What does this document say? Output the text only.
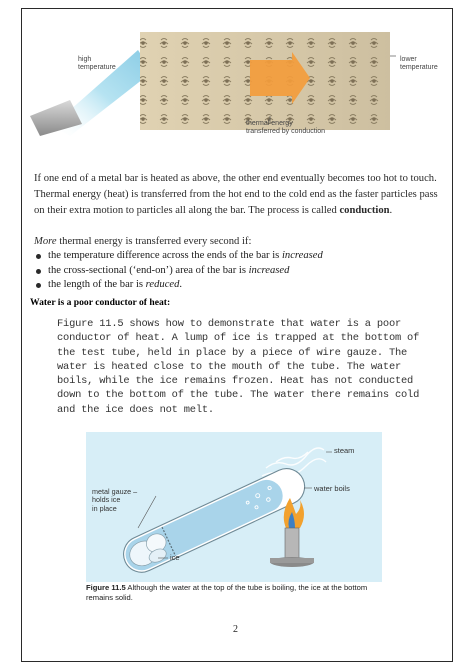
high
temperature
lower
temperature
thermal energy
transferred by conduction

If one end of a metal bar is heated as above, the other end eventually becomes too hot to touch. Thermal energy (heat) is transferred from the hot end to the cold end as the faster particles pass on their extra motion to particles all along the bar. The process is called conduction.

More thermal energy is transferred every second if:

the temperature difference across the ends of the bar is increased
the cross-sectional (‘end-on’) area of the bar is increased
the length of the bar is reduced.
Water is a poor conductor of heat:

Figure 11.5 shows how to demonstrate that water is a poor conductor of heat. A lump of ice is trapped at the bottom of the test tube, held in place by a piece of wire gauze. The water is heated close to the mouth of the tube. The water boils, while the ice remains frozen. Heat has not conducted down to the bottom of the tube. The water there remains cold and the ice does not melt.

steam
water boils
metal gauze –
holds ice
in place
ice

Figure 11.5 Although the water at the top of the tube is boiling, the ice at the bottom remains solid.

2
